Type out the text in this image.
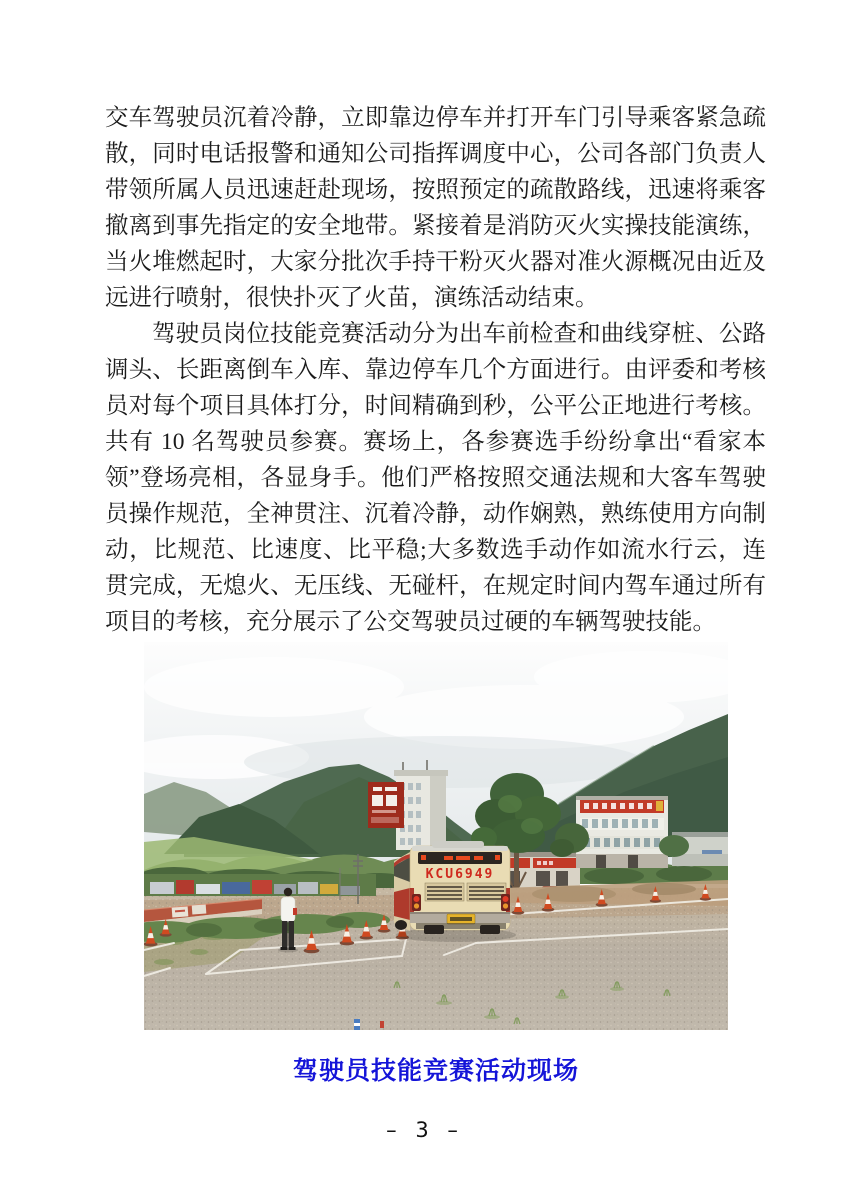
交车驾驶员沉着冷静，立即靠边停车并打开车门引导乘客紧急疏散，同时电话报警和通知公司指挥调度中心，公司各部门负责人带领所属人员迅速赶赴现场，按照预定的疏散路线，迅速将乘客撤离到事先指定的安全地带。紧接着是消防灭火实操技能演练，当火堆燃起时，大家分批次手持干粉灭火器对准火源概况由近及远进行喷射，很快扑灭了火苗，演练活动结束。

驾驶员岗位技能竞赛活动分为出车前检查和曲线穿桩、公路调头、长距离倒车入库、靠边停车几个方面进行。由评委和考核员对每个项目具体打分，时间精确到秒，公平公正地进行考核。共有 10 名驾驶员参赛。赛场上，各参赛选手纷纷拿出“看家本领”登场亮相，各显身手。他们严格按照交通法规和大客车驾驶员操作规范，全神贯注、沉着冷静，动作娴熟，熟练使用方向制动，比规范、比速度、比平稳;大多数选手动作如流水行云，连贯完成，无熄火、无压线、无碰杆，在规定时间内驾车通过所有项目的考核，充分展示了公交驾驶员过硬的车辆驾驶技能。

KCU6949
驾驶员技能竞赛活动现场
– 3 –
